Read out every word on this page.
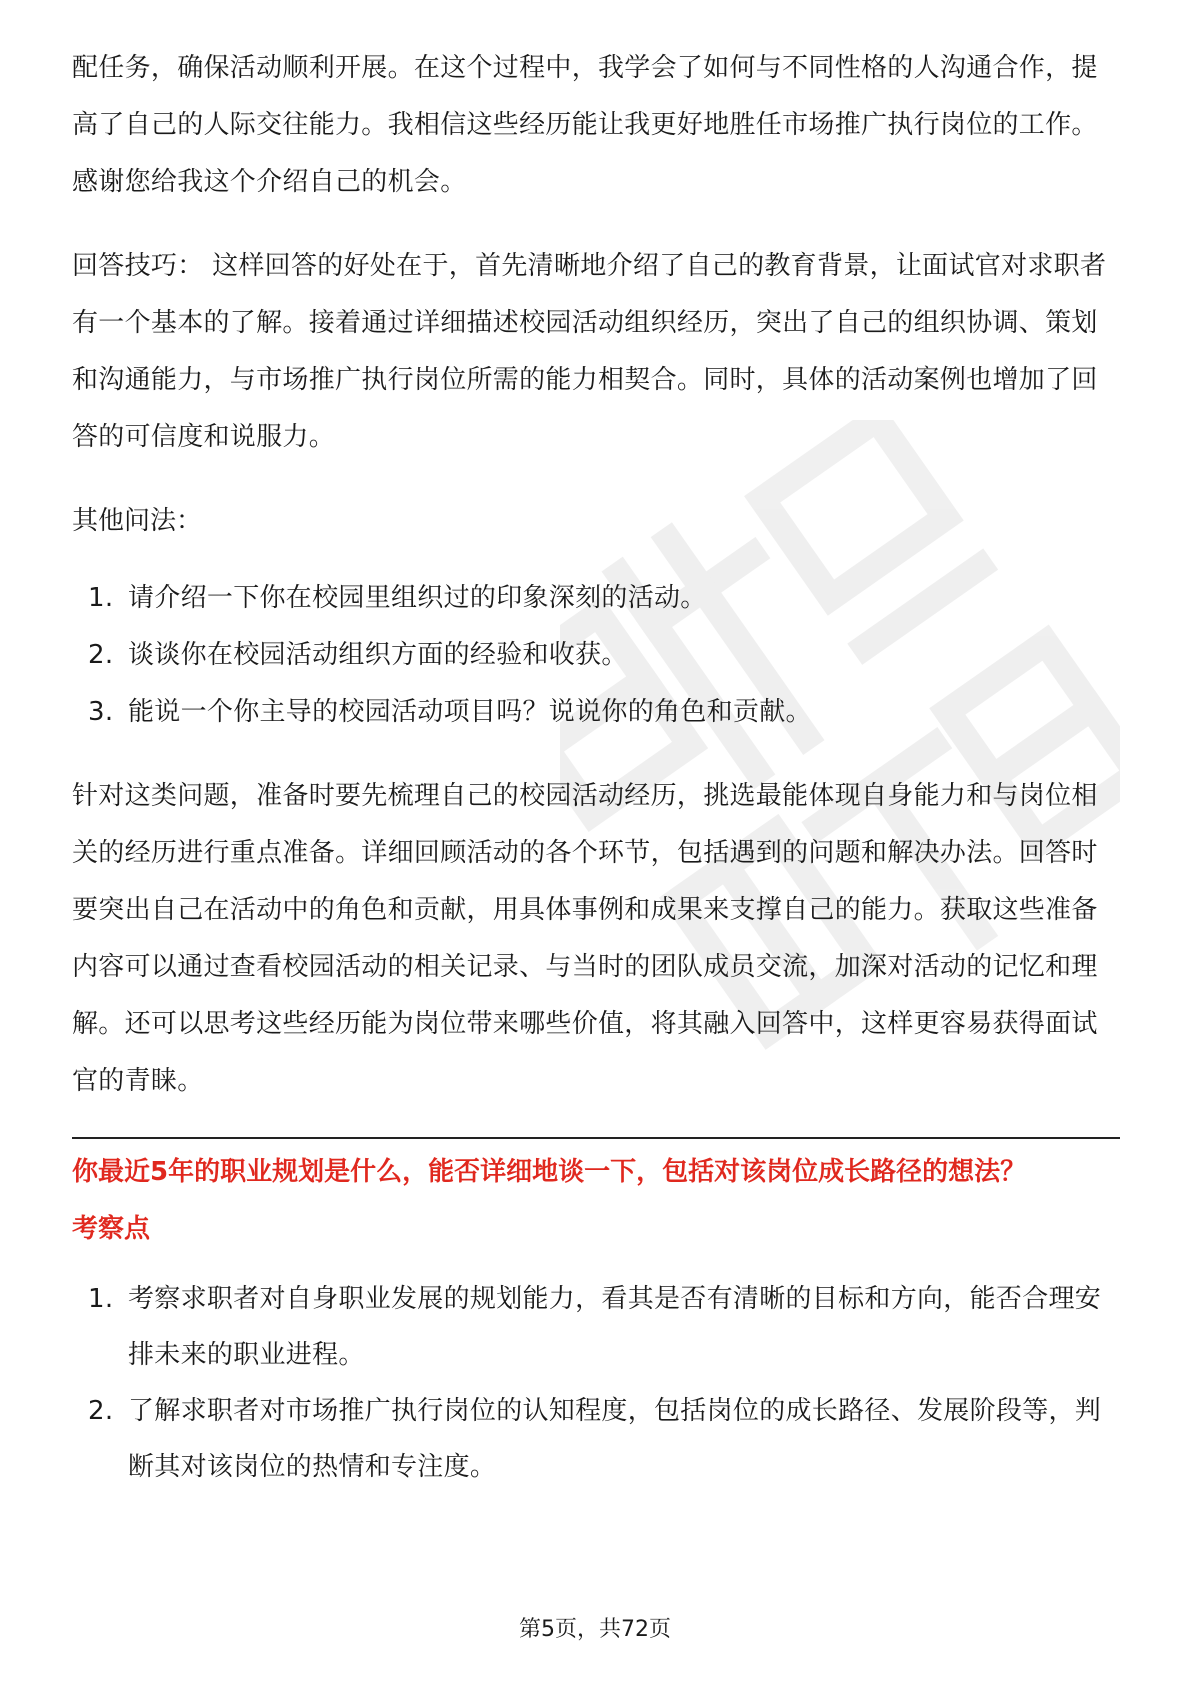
配任务，确保活动顺利开展。在这个过程中，我学会了如何与不同性格的人沟通合作，提高了自己的人际交往能力。我相信这些经历能让我更好地胜任市场推广执行岗位的工作。感谢您给我这个介绍自己的机会。

回答技巧： 这样回答的好处在于，首先清晰地介绍了自己的教育背景，让面试官对求职者有一个基本的了解。接着通过详细描述校园活动组织经历，突出了自己的组织协调、策划和沟通能力，与市场推广执行岗位所需的能力相契合。同时，具体的活动案例也增加了回答的可信度和说服力。

其他问法：

1. 请介绍一下你在校园里组织过的印象深刻的活动。
2. 谈谈你在校园活动组织方面的经验和收获。
3. 能说一个你主导的校园活动项目吗？说说你的角色和贡献。

针对这类问题，准备时要先梳理自己的校园活动经历，挑选最能体现自身能力和与岗位相关的经历进行重点准备。详细回顾活动的各个环节，包括遇到的问题和解决办法。回答时要突出自己在活动中的角色和贡献，用具体事例和成果来支撑自己的能力。获取这些准备内容可以通过查看校园活动的相关记录、与当时的团队成员交流，加深对活动的记忆和理解。还可以思考这些经历能为岗位带来哪些价值，将其融入回答中，这样更容易获得面试官的青睐。

你最近5年的职业规划是什么，能否详细地谈一下，包括对该岗位成长路径的想法？

考察点

1. 考察求职者对自身职业发展的规划能力，看其是否有清晰的目标和方向，能否合理安排未来的职业进程。
2. 了解求职者对市场推广执行岗位的认知程度，包括岗位的成长路径、发展阶段等，判断其对该岗位的热情和专注度。
第5页，共72页
